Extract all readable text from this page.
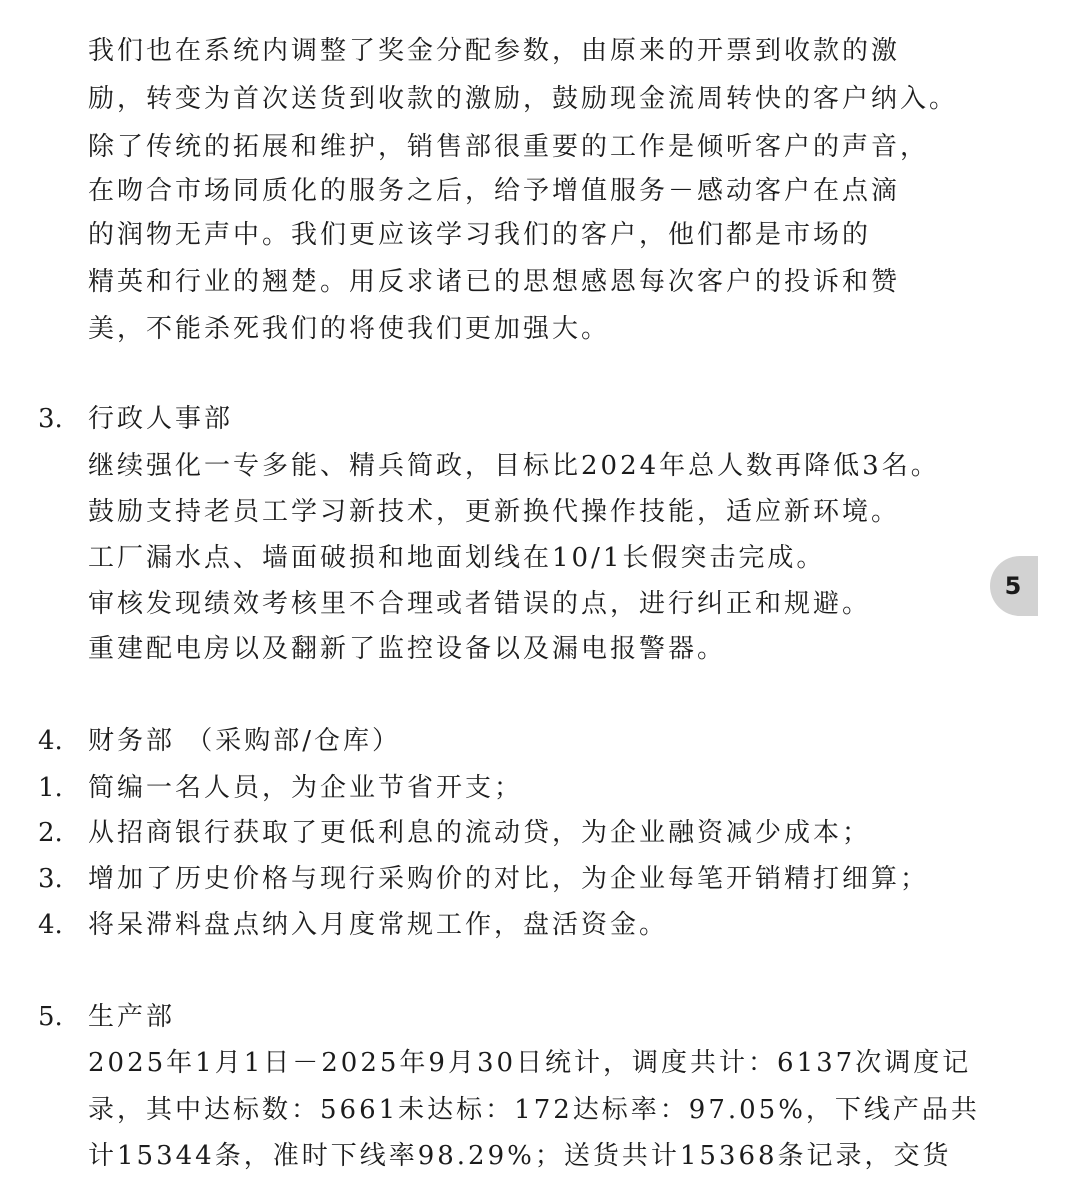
我们也在系统内调整了奖金分配参数，由原来的开票到收款的激
励，转变为首次送货到收款的激励，鼓励现金流周转快的客户纳入。
除了传统的拓展和维护，销售部很重要的工作是倾听客户的声音，
在吻合市场同质化的服务之后，给予增值服务－感动客户在点滴
的润物无声中。我们更应该学习我们的客户，他们都是市场的
精英和行业的翘楚。用反求诸已的思想感恩每次客户的投诉和赞
美，不能杀死我们的将使我们更加强大。
3. 行政人事部
继续强化一专多能、精兵简政，目标比2024年总人数再降低3名。
鼓励支持老员工学习新技术，更新换代操作技能，适应新环境。
工厂漏水点、墙面破损和地面划线在10/1长假突击完成。
审核发现绩效考核里不合理或者错误的点，进行纠正和规避。
重建配电房以及翻新了监控设备以及漏电报警器。
4. 财务部 （采购部/仓库）
1. 简编一名人员，为企业节省开支；
2. 从招商银行获取了更低利息的流动贷，为企业融资减少成本；
3. 增加了历史价格与现行采购价的对比，为企业每笔开销精打细算；
4. 将呆滞料盘点纳入月度常规工作，盘活资金。
5. 生产部
2025年1月1日－2025年9月30日统计，调度共计：6137次调度记
录，其中达标数：5661未达标：172达标率：97.05%，下线产品共
计15344条，准时下线率98.29%；送货共计15368条记录，交货
5
